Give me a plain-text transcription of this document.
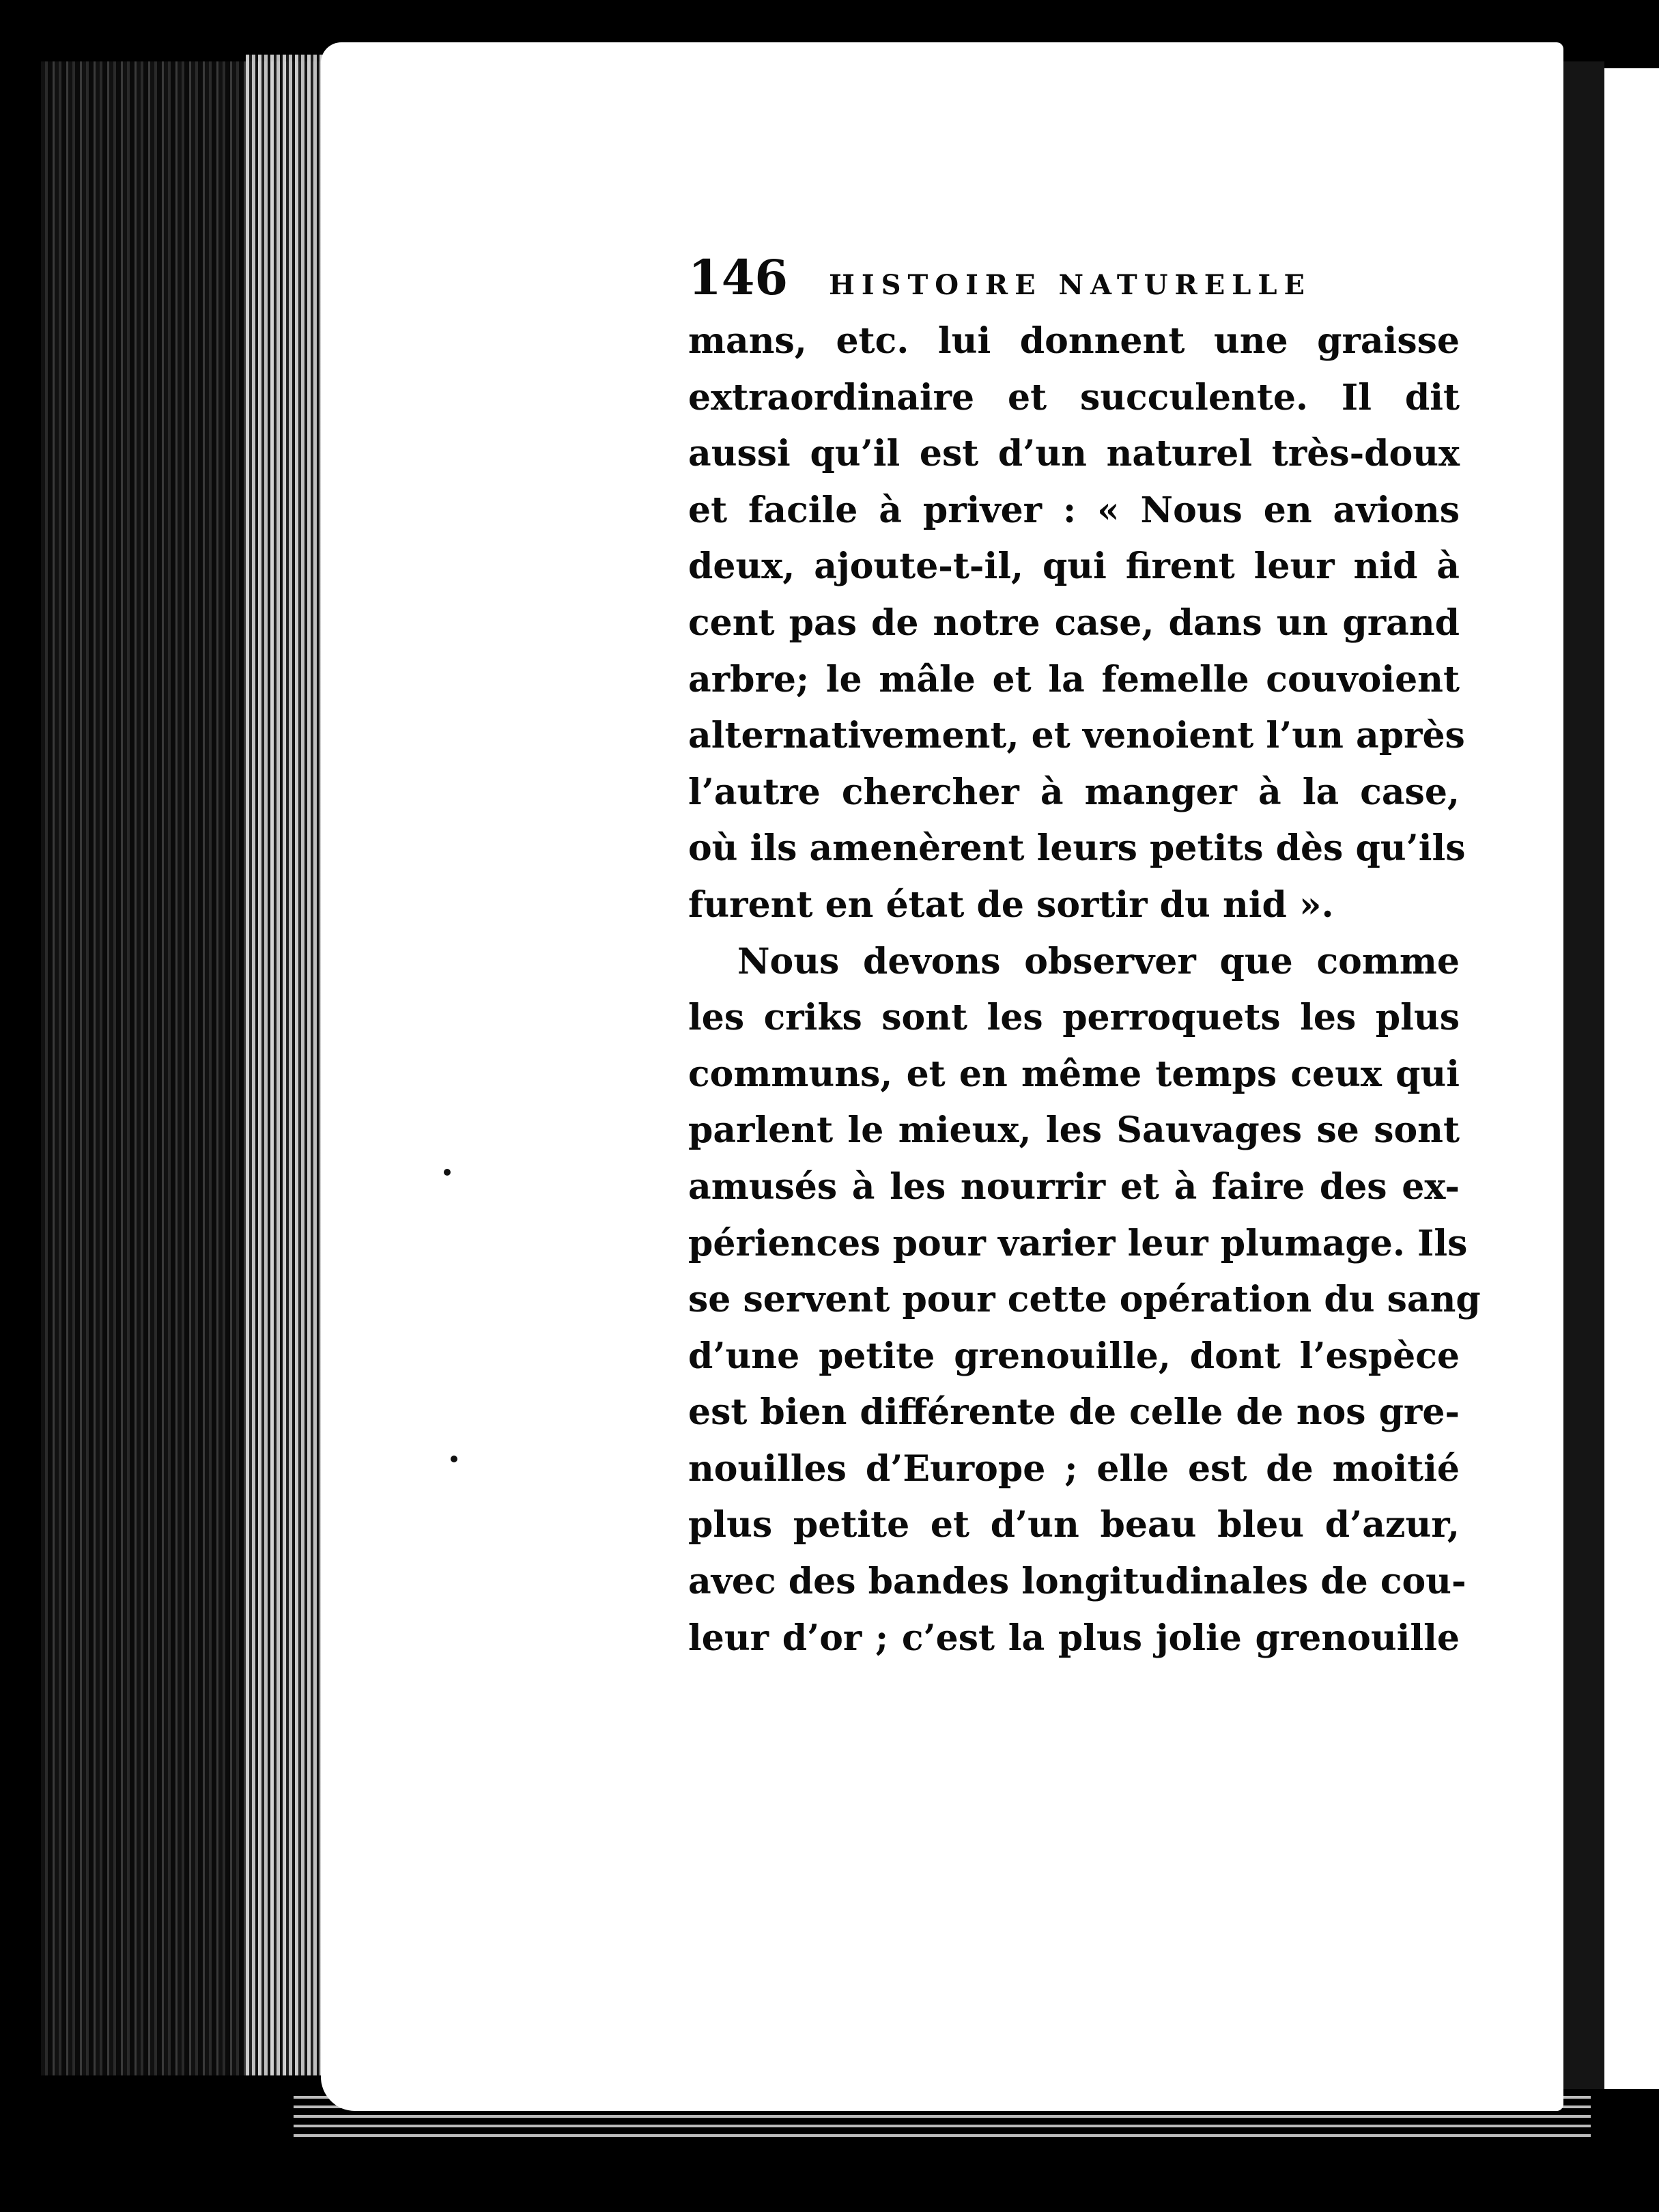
146 HISTOIRE NATURELLE
mans, etc. lui donnent une graisse
extraordinaire et succulente. Il dit
aussi qu’il est d’un naturel très-doux
et facile à priver : « Nous en avions
deux, ajoute-t-il, qui firent leur nid à
cent pas de notre case, dans un grand
arbre; le mâle et la femelle couvoient
alternativement, et venoient l’un après
l’autre chercher à manger à la case,
où ils amenèrent leurs petits dès qu’ils
furent en état de sortir du nid ».
Nous devons observer que comme
les criks sont les perroquets les plus
communs, et en même temps ceux qui
parlent le mieux, les Sauvages se sont
amusés à les nourrir et à faire des ex-
périences pour varier leur plumage. Ils
se servent pour cette opération du sang
d’une petite grenouille, dont l’espèce
est bien différente de celle de nos gre-
nouilles d’Europe ; elle est de moitié
plus petite et d’un beau bleu d’azur,
avec des bandes longitudinales de cou-
leur d’or ; c’est la plus jolie grenouille
